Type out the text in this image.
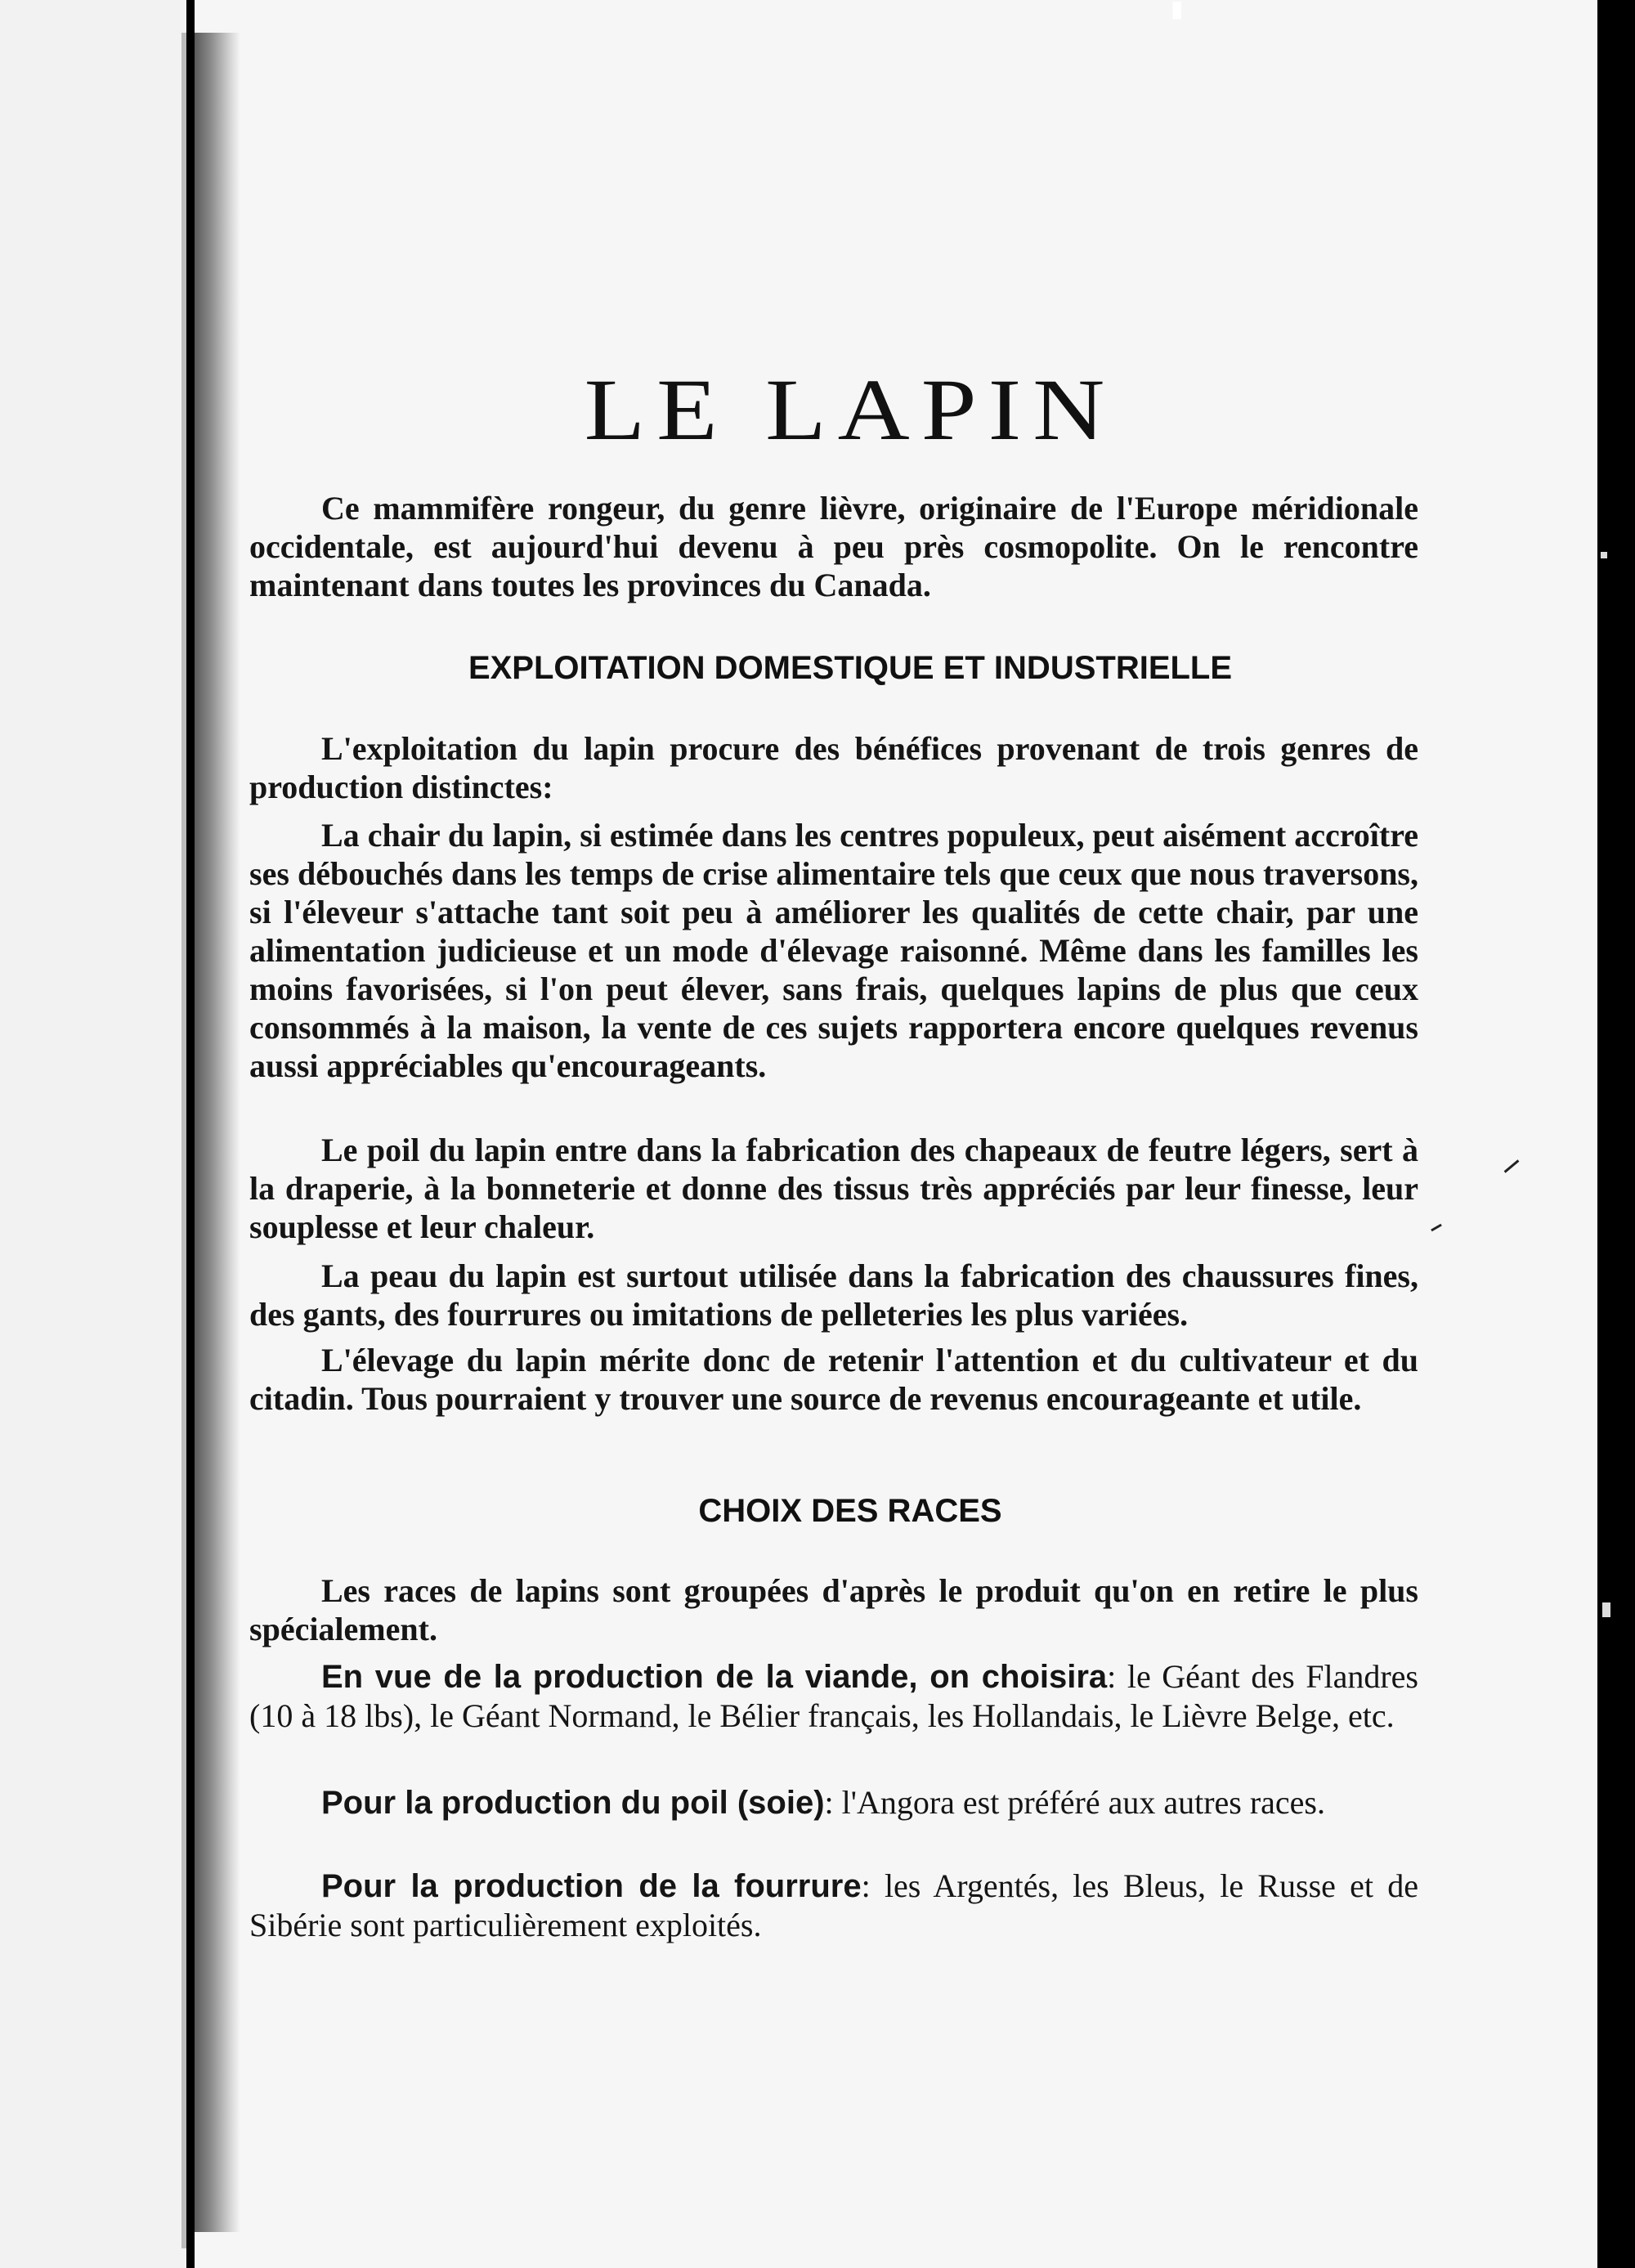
▮
LE LAPIN

Ce mammifère rongeur, du genre lièvre, originaire de l'Europe méridionale occidentale, est aujourd'hui devenu à peu près cosmopolite. On le rencontre maintenant dans toutes les provinces du Canada.

EXPLOITATION DOMESTIQUE ET INDUSTRIELLE

L'exploitation du lapin procure des bénéfices provenant de trois genres de production distinctes:

La chair du lapin, si estimée dans les centres populeux, peut aisément accroître ses débouchés dans les temps de crise alimentaire tels que ceux que nous traversons, si l'éleveur s'attache tant soit peu à améliorer les qualités de cette chair, par une alimentation judicieuse et un mode d'élevage raisonné. Même dans les familles les moins favorisées, si l'on peut élever, sans frais, quelques lapins de plus que ceux consommés à la maison, la vente de ces sujets rapportera encore quelques revenus aussi appréciables qu'encourageants.

Le poil du lapin entre dans la fabrication des chapeaux de feutre légers, sert à la draperie, à la bonneterie et donne des tissus très appréciés par leur finesse, leur souplesse et leur chaleur.

La peau du lapin est surtout utilisée dans la fabrication des chaussures fines, des gants, des fourrures ou imitations de pelleteries les plus variées.

L'élevage du lapin mérite donc de retenir l'attention et du cultivateur et du citadin. Tous pourraient y trouver une source de revenus encourageante et utile.

CHOIX DES RACES

Les races de lapins sont groupées d'après le produit qu'on en retire le plus spécialement.

En vue de la production de la viande, on choisira: le Géant des Flandres (10 à 18 lbs), le Géant Normand, le Bélier français, les Hollandais, le Lièvre Belge, etc.

Pour la production du poil (soie): l'Angora est préféré aux autres races.

Pour la production de la fourrure: les Argentés, les Bleus, le Russe et de Sibérie sont particulièrement exploités.
